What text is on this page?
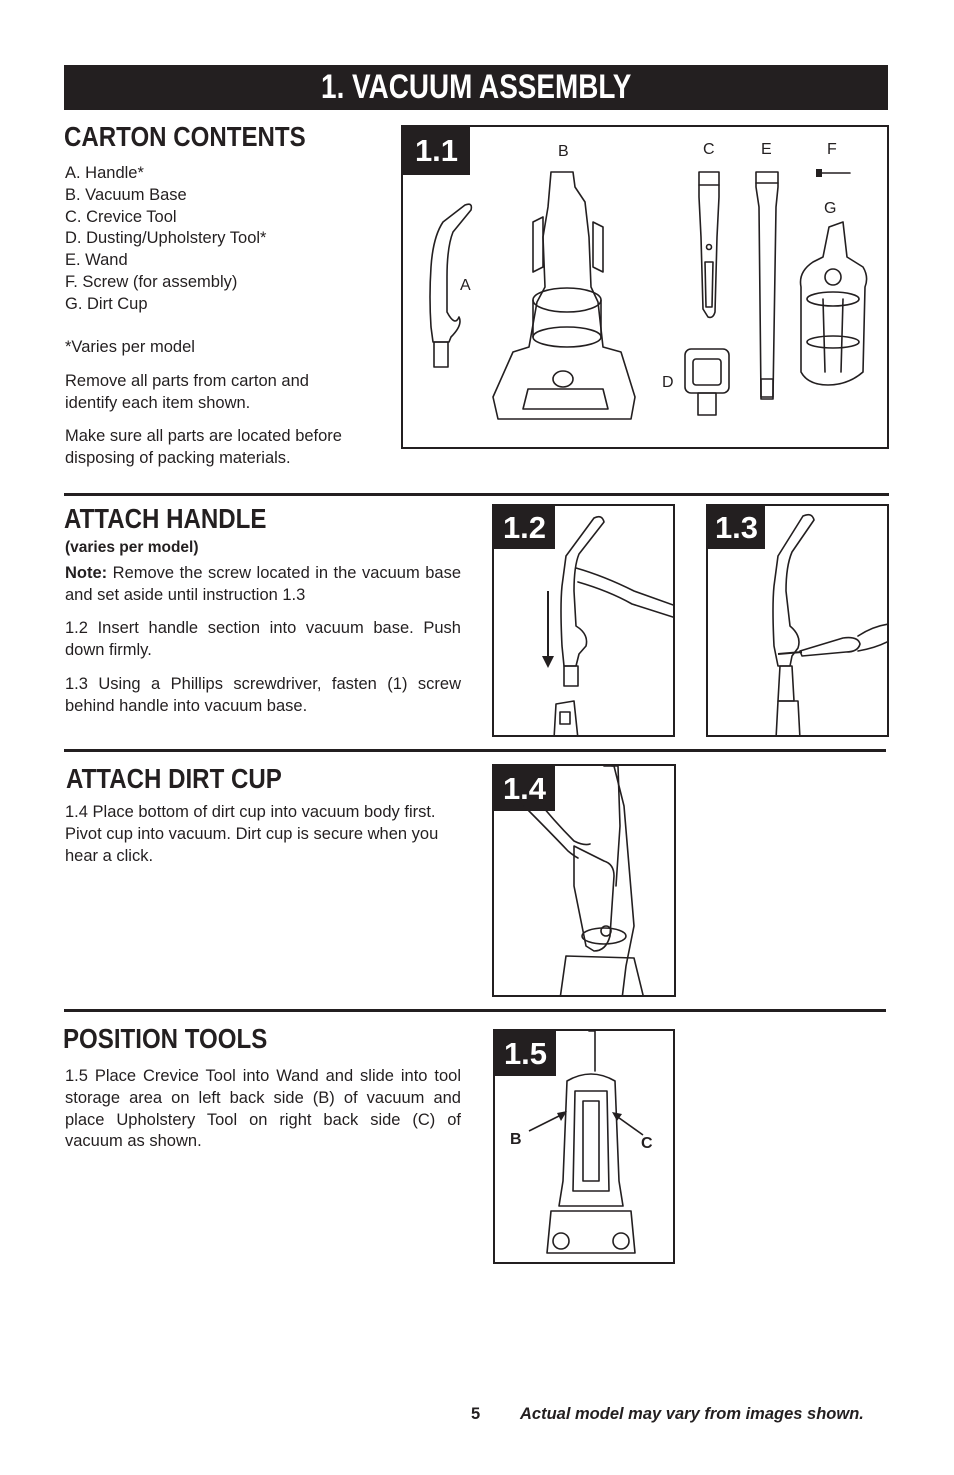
1. VACUUM ASSEMBLY
CARTON CONTENTS
A. Handle*
B. Vacuum Base
C. Crevice Tool
D. Dusting/Upholstery Tool*
E. Wand
F. Screw (for assembly)
G. Dirt Cup
*Varies per model
Remove all parts from carton and identify each item shown.
Make sure all parts are located before disposing of packing materials.
1.1	B	C	E	F
G
A
D
ATTACH HANDLE
(varies per model)
Note: Remove the screw located in the vacuum base and set aside until instruction 1.3
1.2 Insert handle section into vacuum base. Push down firmly.
1.3 Using a Phillips screwdriver, fasten (1) screw behind handle into vacuum base.
1.2	1.3
ATTACH DIRT CUP
1.4 Place bottom of dirt cup into vacuum body first. Pivot cup into vacuum. Dirt cup is secure when you hear a click.
1.4
POSITION TOOLS
1.5 Place Crevice Tool into Wand and slide into tool storage area on left back side (B) of vacuum and place Upholstery Tool on right back side (C) of vacuum as shown.
1.5
B	C
5 Actual model may vary from images shown.
